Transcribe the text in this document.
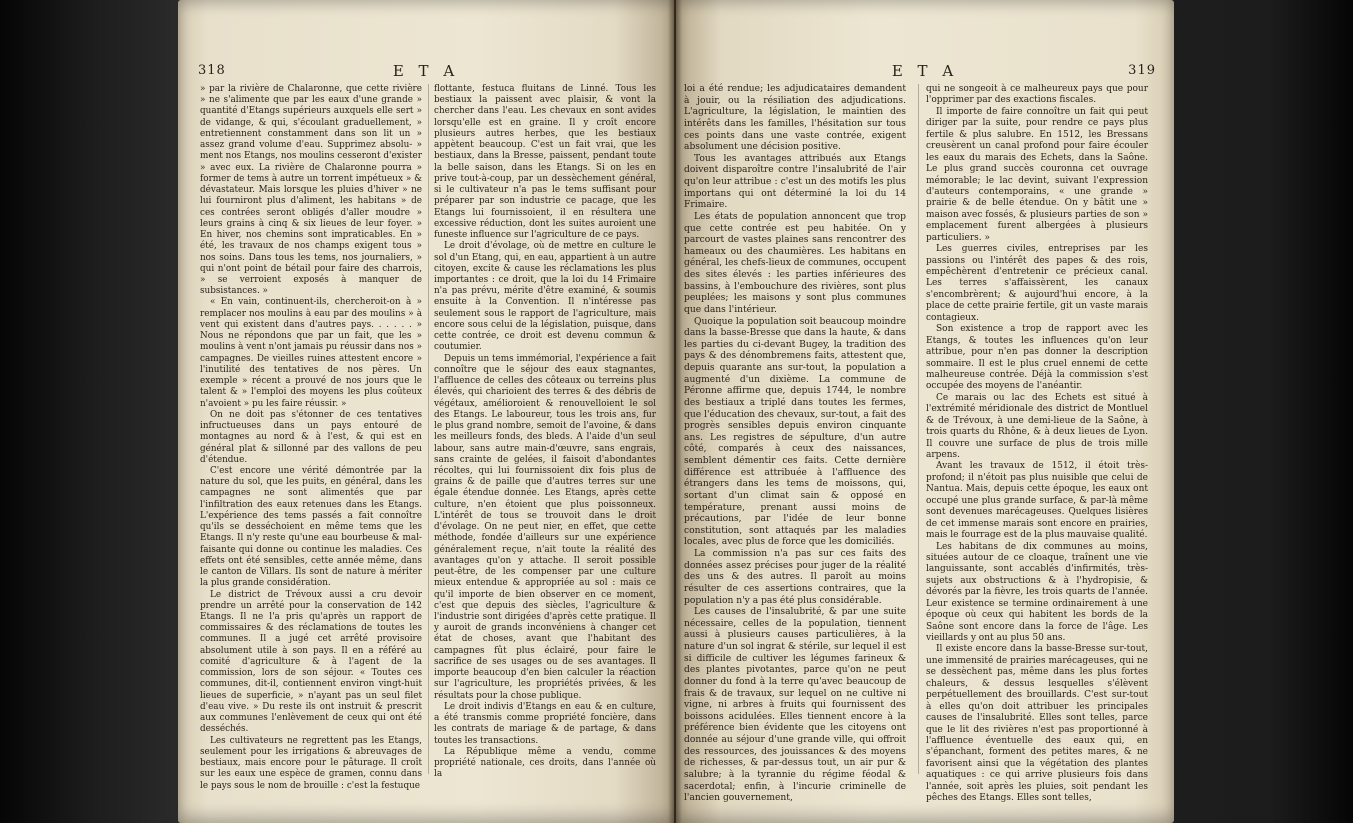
318	E T A

» par la rivière de Chalaronne, que cette rivière » ne s'alimente que par les eaux d'une grande » quantité d'Etangs supérieurs auxquels elle sert » de vidange, & qui, s'écoulant graduellement, » entretiennent constamment dans son lit un » assez grand volume d'eau. Supprimez absolu- » ment nos Etangs, nos moulins cesseront d'exister » avec eux. La rivière de Chalaronne pourra » former de tems à autre un torrent impétueux » & dévastateur. Mais lorsque les pluies d'hiver » ne lui fourniront plus d'aliment, les habitans » de ces contrées seront obligés d'aller moudre » leurs grains à cinq & six lieues de leur foyer. » En hiver, nos chemins sont impraticables. En » été, les travaux de nos champs exigent tous » nos soins. Dans tous les tems, nos journaliers, » qui n'ont point de bétail pour faire des charrois, » se verroient exposés à manquer de subsistances. »

« En vain, continuent-ils, chercheroit-on à » remplacer nos moulins à eau par des moulins » à vent qui existent dans d'autres pays. . . . . . » Nous ne répondons que par un fait, que les » moulins à vent n'ont jamais pu réussir dans nos » campagnes. De vieilles ruines attestent encore » l'inutilité des tentatives de nos pères. Un exemple » récent a prouvé de nos jours que le talent & » l'emploi des moyens les plus coûteux n'avoient » pu les faire réussir. »

On ne doit pas s'étonner de ces tentatives infructueuses dans un pays entouré de montagnes au nord & à l'est, & qui est en général plat & sillonné par des vallons de peu d'étendue.

C'est encore une vérité démontrée par la nature du sol, que les puits, en général, dans les campagnes ne sont alimentés que par l'infiltration des eaux retenues dans les Etangs. L'expérience des tems passés a fait connoître qu'ils se desséchoient en même tems que les Etangs. Il n'y reste qu'une eau bourbeuse & mal-faisante qui donne ou continue les maladies. Ces effets ont été sensibles, cette année même, dans le canton de Villars. Ils sont de nature à mériter la plus grande considération.

Le district de Trévoux aussi a cru devoir prendre un arrêté pour la conservation de 142 Etangs. Il ne l'a pris qu'après un rapport de commissaires & des réclamations de toutes les communes. Il a jugé cet arrêté provisoire absolument utile à son pays. Il en a référé au comité d'agriculture & à l'agent de la commission, lors de son séjour. « Toutes ces communes, dit-il, contiennent environ vingt-huit lieues de superficie, » n'ayant pas un seul filet d'eau vive. » Du reste ils ont instruit & prescrit aux communes l'enlèvement de ceux qui ont été desséchés.

Les cultivateurs ne regrettent pas les Etangs, seulement pour les irrigations & abreuvages de bestiaux, mais encore pour le pâturage. Il croît sur les eaux une espèce de gramen, connu dans le pays sous le nom de brouille : c'est la festuque

flottante, festuca fluitans de Linné. Tous les bestiaux la paissent avec plaisir, & vont la chercher dans l'eau. Les chevaux en sont avides lorsqu'elle est en graine. Il y croît encore plusieurs autres herbes, que les bestiaux appètent beaucoup. C'est un fait vrai, que les bestiaux, dans la Bresse, paissent, pendant toute la belle saison, dans les Etangs. Si on les en prive tout-à-coup, par un dessèchement général, si le cultivateur n'a pas le tems suffisant pour préparer par son industrie ce pacage, que les Etangs lui fournissoient, il en résultera une excessive réduction, dont les suites auroient une funeste influence sur l'agriculture de ce pays.

Le droit d'évolage, où de mettre en culture le sol d'un Etang, qui, en eau, appartient à un autre citoyen, excite & cause les réclamations les plus importantes : ce droit, que la loi du 14 Frimaire n'a pas prévu, mérite d'être examiné, & soumis ensuite à la Convention. Il n'intéresse pas seulement sous le rapport de l'agriculture, mais encore sous celui de la législation, puisque, dans cette contrée, ce droit est devenu commun & coutumier.

Depuis un tems immémorial, l'expérience a fait connoître que le séjour des eaux stagnantes, l'affluence de celles des côteaux ou terreins plus élevés, qui charioient des terres & des débris de végétaux, amélioroient & renouvelloient le sol des Etangs. Le laboureur, tous les trois ans, fur le plus grand nombre, semoit de l'avoine, & dans les meilleurs fonds, des bleds. A l'aide d'un seul labour, sans autre main-d'œuvre, sans engrais, sans crainte de gelées, il faisoit d'abondantes récoltes, qui lui fournissoient dix fois plus de grains & de paille que d'autres terres sur une égale étendue donnée. Les Etangs, après cette culture, n'en étoient que plus poissonneux. L'intérêt de tous se trouvoit dans le droit d'évolage. On ne peut nier, en effet, que cette méthode, fondée d'ailleurs sur une expérience généralement reçue, n'ait toute la réalité des avantages qu'on y attache. Il seroit possible peut-être, de les compenser par une culture mieux entendue & appropriée au sol : mais ce qu'il importe de bien observer en ce moment, c'est que depuis des siècles, l'agriculture & l'industrie sont dirigées d'après cette pratique. Il y auroit de grands inconvéniens à changer cet état de choses, avant que l'habitant des campagnes fût plus éclairé, pour faire le sacrifice de ses usages ou de ses avantages. Il importe beaucoup d'en bien calculer la réaction sur l'agriculture, les propriétés privées, & les résultats pour la chose publique.

Le droit indivis d'Etangs en eau & en culture, a été transmis comme propriété foncière, dans les contrats de mariage & de partage, & dans toutes les transactions.

La République même a vendu, comme propriété nationale, ces droits, dans l'année où la

E T A	319

loi a été rendue; les adjudicataires demandent à jouir, ou la résiliation des adjudications. L'agriculture, la législation, le maintien des intérêts dans les familles, l'hésitation sur tous ces points dans une vaste contrée, exigent absolument une décision positive.

Tous les avantages attribués aux Etangs doivent disparoître contre l'insalubrité de l'air qu'on leur attribue : c'est un des motifs les plus importans qui ont déterminé la loi du 14 Frimaire.

Les états de population annoncent que trop que cette contrée est peu habitée. On y parcourt de vastes plaines sans rencontrer des hameaux ou des chaumières. Les habitans en général, les chefs-lieux de communes, occupent des sites élevés : les parties inférieures des bassins, à l'embouchure des rivières, sont plus peuplées; les maisons y sont plus communes que dans l'intérieur.

Quoique la population soit beaucoup moindre dans la basse-Bresse que dans la haute, & dans les parties du ci-devant Bugey, la tradition des pays & des dénombremens faits, attestent que, depuis quarante ans sur-tout, la population a augmenté d'un dixième. La commune de Péronne affirme que, depuis 1744, le nombre des bestiaux a triplé dans toutes les fermes, que l'éducation des chevaux, sur-tout, a fait des progrès sensibles depuis environ cinquante ans. Les registres de sépulture, d'un autre côté, comparés à ceux des naissances, semblent démentir ces faits. Cette dernière différence est attribuée à l'affluence des étrangers dans les tems de moissons, qui, sortant d'un climat sain & opposé en température, prenant aussi moins de précautions, par l'idée de leur bonne constitution, sont attaqués par les maladies locales, avec plus de force que les domiciliés.

La commission n'a pas sur ces faits des données assez précises pour juger de la réalité des uns & des autres. Il paroît au moins résulter de ces assertions contraires, que la population n'y a pas été plus considérable.

Les causes de l'insalubrité, & par une suite nécessaire, celles de la population, tiennent aussi à plusieurs causes particulières, à la nature d'un sol ingrat & stérile, sur lequel il est si difficile de cultiver les légumes farineux & des plantes pivotantes, parce qu'on ne peut donner du fond à la terre qu'avec beaucoup de frais & de travaux, sur lequel on ne cultive ni vigne, ni arbres à fruits qui fournissent des boissons acidulées. Elles tiennent encore à la préférence bien évidente que les citoyens ont donnée au séjour d'une grande ville, qui offroit des ressources, des jouissances & des moyens de richesses, & par-dessus tout, un air pur & salubre; à la tyrannie du régime féodal & sacerdotal; enfin, à l'incurie criminelle de l'ancien gouvernement,

qui ne songeoit à ce malheureux pays que pour l'opprimer par des exactions fiscales.

Il importe de faire connoître un fait qui peut diriger par la suite, pour rendre ce pays plus fertile & plus salubre. En 1512, les Bressans creusèrent un canal profond pour faire écouler les eaux du marais des Echets, dans la Saône. Le plus grand succès couronna cet ouvrage mémorable; le lac devint, suivant l'expression d'auteurs contemporains, « une grande » prairie & de belle étendue. On y bâtit une » maison avec fossés, & plusieurs parties de son » emplacement furent albergées à plusieurs particuliers. »

Les guerres civiles, entreprises par les passions ou l'intérêt des papes & des rois, empêchèrent d'entretenir ce précieux canal. Les terres s'affaissèrent, les canaux s'encombrèrent; & aujourd'hui encore, à la place de cette prairie fertile, git un vaste marais contagieux.

Son existence a trop de rapport avec les Etangs, & toutes les influences qu'on leur attribue, pour n'en pas donner la description sommaire. Il est le plus cruel ennemi de cette malheureuse contrée. Déjà la commission s'est occupée des moyens de l'anéantir.

Ce marais ou lac des Echets est situé à l'extrémité méridionale des district de Montluel & de Trévoux, à une demi-lieue de la Saône, à trois quarts du Rhône, & à deux lieues de Lyon. Il couvre une surface de plus de trois mille arpens.

Avant les travaux de 1512, il étoit très-profond; il n'étoit pas plus nuisible que celui de Nantua. Mais, depuis cette époque, les eaux ont occupé une plus grande surface, & par-là même sont devenues marécageuses. Quelques lisières de cet immense marais sont encore en prairies, mais le fourrage est de la plus mauvaise qualité.

Les habitans de dix communes au moins, situées autour de ce cloaque, traînent une vie languissante, sont accablés d'infirmités, très-sujets aux obstructions & à l'hydropisie, & dévorés par la fièvre, les trois quarts de l'année. Leur existence se termine ordinairement à une époque où ceux qui habitent les bords de la Saône sont encore dans la force de l'âge. Les vieillards y ont au plus 50 ans.

Il existe encore dans la basse-Bresse sur-tout, une immensité de prairies marécageuses, qui ne se dessèchent pas, même dans les plus fortes chaleurs, & dessus lesquelles s'élèvent perpétuellement des brouillards. C'est sur-tout à elles qu'on doit attribuer les principales causes de l'insalubrité. Elles sont telles, parce que le lit des rivières n'est pas proportionné à l'affluence éventuelle des eaux qui, en s'épanchant, forment des petites mares, & ne favorisent ainsi que la végétation des plantes aquatiques : ce qui arrive plusieurs fois dans l'année, soit après les pluies, soit pendant les pêches des Etangs. Elles sont telles,
